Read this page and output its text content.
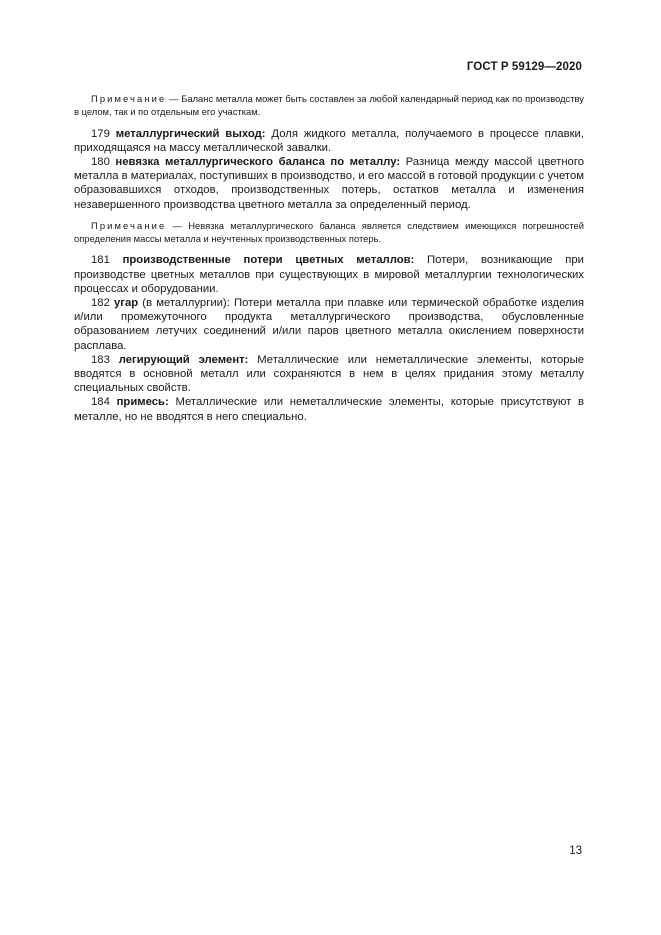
ГОСТ Р 59129—2020

Примечание — Баланс металла может быть составлен за любой календарный период как по производству в целом, так и по отдельным его участкам.

179 металлургический выход: Доля жидкого металла, получаемого в процессе плавки, приходящаяся на массу металлической завалки.

180 невязка металлургического баланса по металлу: Разница между массой цветного металла в материалах, поступивших в производство, и его массой в готовой продукции с учетом образовавшихся отходов, производственных потерь, остатков металла и изменения незавершенного производства цветного металла за определенный период.

Примечание — Невязка металлургического баланса является следствием имеющихся погрешностей определения массы металла и неучтенных производственных потерь.

181 производственные потери цветных металлов: Потери, возникающие при производстве цветных металлов при существующих в мировой металлургии технологических процессах и оборудовании.

182 угар (в металлургии): Потери металла при плавке или термической обработке изделия и/или промежуточного продукта металлургического производства, обусловленные образованием летучих соединений и/или паров цветного металла окислением поверхности расплава.

183 легирующий элемент: Металлические или неметаллические элементы, которые вводятся в основной металл или сохраняются в нем в целях придания этому металлу специальных свойств.

184 примесь: Металлические или неметаллические элементы, которые присутствуют в металле, но не вводятся в него специально.

13
